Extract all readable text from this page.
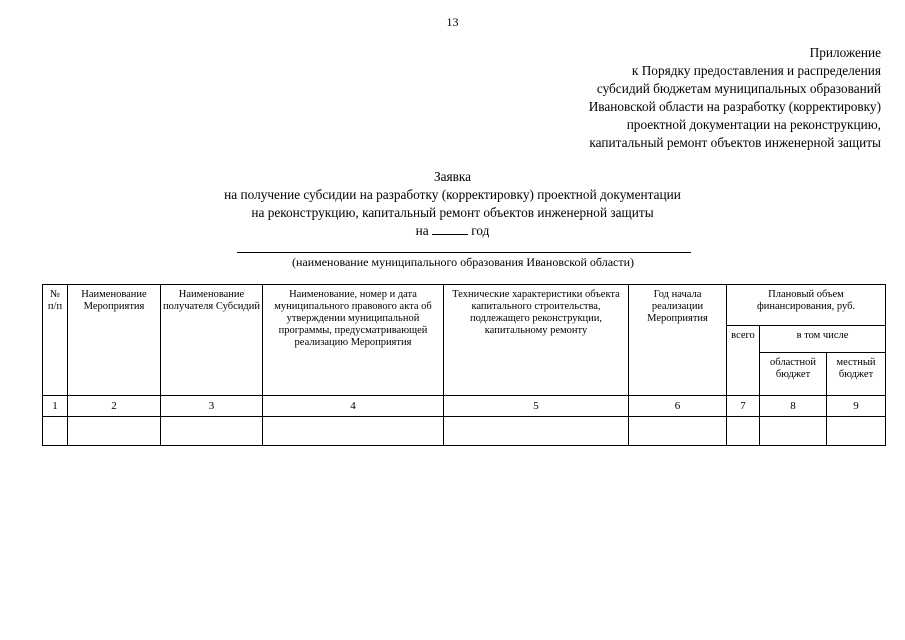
13
Приложение
к Порядку предоставления и распределения
субсидий бюджетам муниципальных образований
Ивановской области на разработку (корректировку)
проектной документации на реконструкцию,
капитальный ремонт объектов инженерной защиты
Заявка
на получение субсидии на разработку (корректировку) проектной документации
на реконструкцию, капитальный ремонт объектов инженерной защиты
на	год
(наименование муниципального образования Ивановской области)
№ п/п	Наименование Мероприятия	Наименование получателя Субсидий	Наименование, номер и дата муниципального правового акта об утверждении муниципальной программы, предусматривающей реализацию Мероприятия	Технические характеристики объекта капитального строительства, подлежащего реконструкции, капитальному ремонту	Год начала реализации Мероприятия	Плановый объем финансирования, руб.		
						всего	в том числе	
							областной бюджет	местный бюджет
1	2	3	4	5	6	7	8	9
